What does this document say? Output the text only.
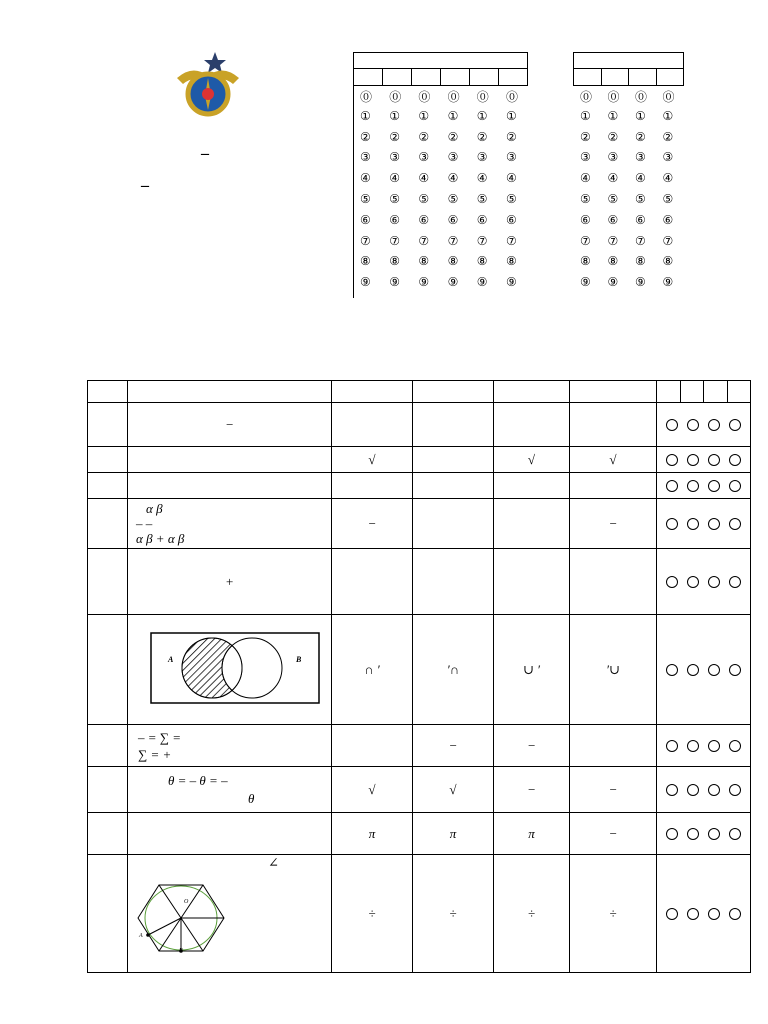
–
–
⓪ ⓪ ⓪ ⓪ ⓪ ⓪
① ① ① ① ① ①
② ② ② ② ② ②
③ ③ ③ ③ ③ ③
④ ④ ④ ④ ④ ④
⑤ ⑤ ⑤ ⑤ ⑤ ⑤
⑥ ⑥ ⑥ ⑥ ⑥ ⑥
⑦ ⑦ ⑦ ⑦ ⑦ ⑦
⑧ ⑧ ⑧ ⑧ ⑧ ⑧
⑨ ⑨ ⑨ ⑨ ⑨ ⑨
⓪ ⓪ ⓪ ⓪
① ① ① ①
② ② ② ②
③ ③ ③ ③
④ ④ ④ ④
⑤ ⑤ ⑤ ⑤
⑥ ⑥ ⑥ ⑥
⑦ ⑦ ⑦ ⑦
⑧ ⑧ ⑧ ⑧
⑨ ⑨ ⑨ ⑨

	−								

		√		√	√				

	α β
– –
α β + α β	−			−				

	+								

A B	∩ ′	′∩	∪ ′	′∪				

	– = ∑ =
∑ = +		−	−					

	θ = – θ = –
θ	√	√	−	−				

		π	π	π	−				

	∠
O
A
B	÷	÷	÷	÷				
